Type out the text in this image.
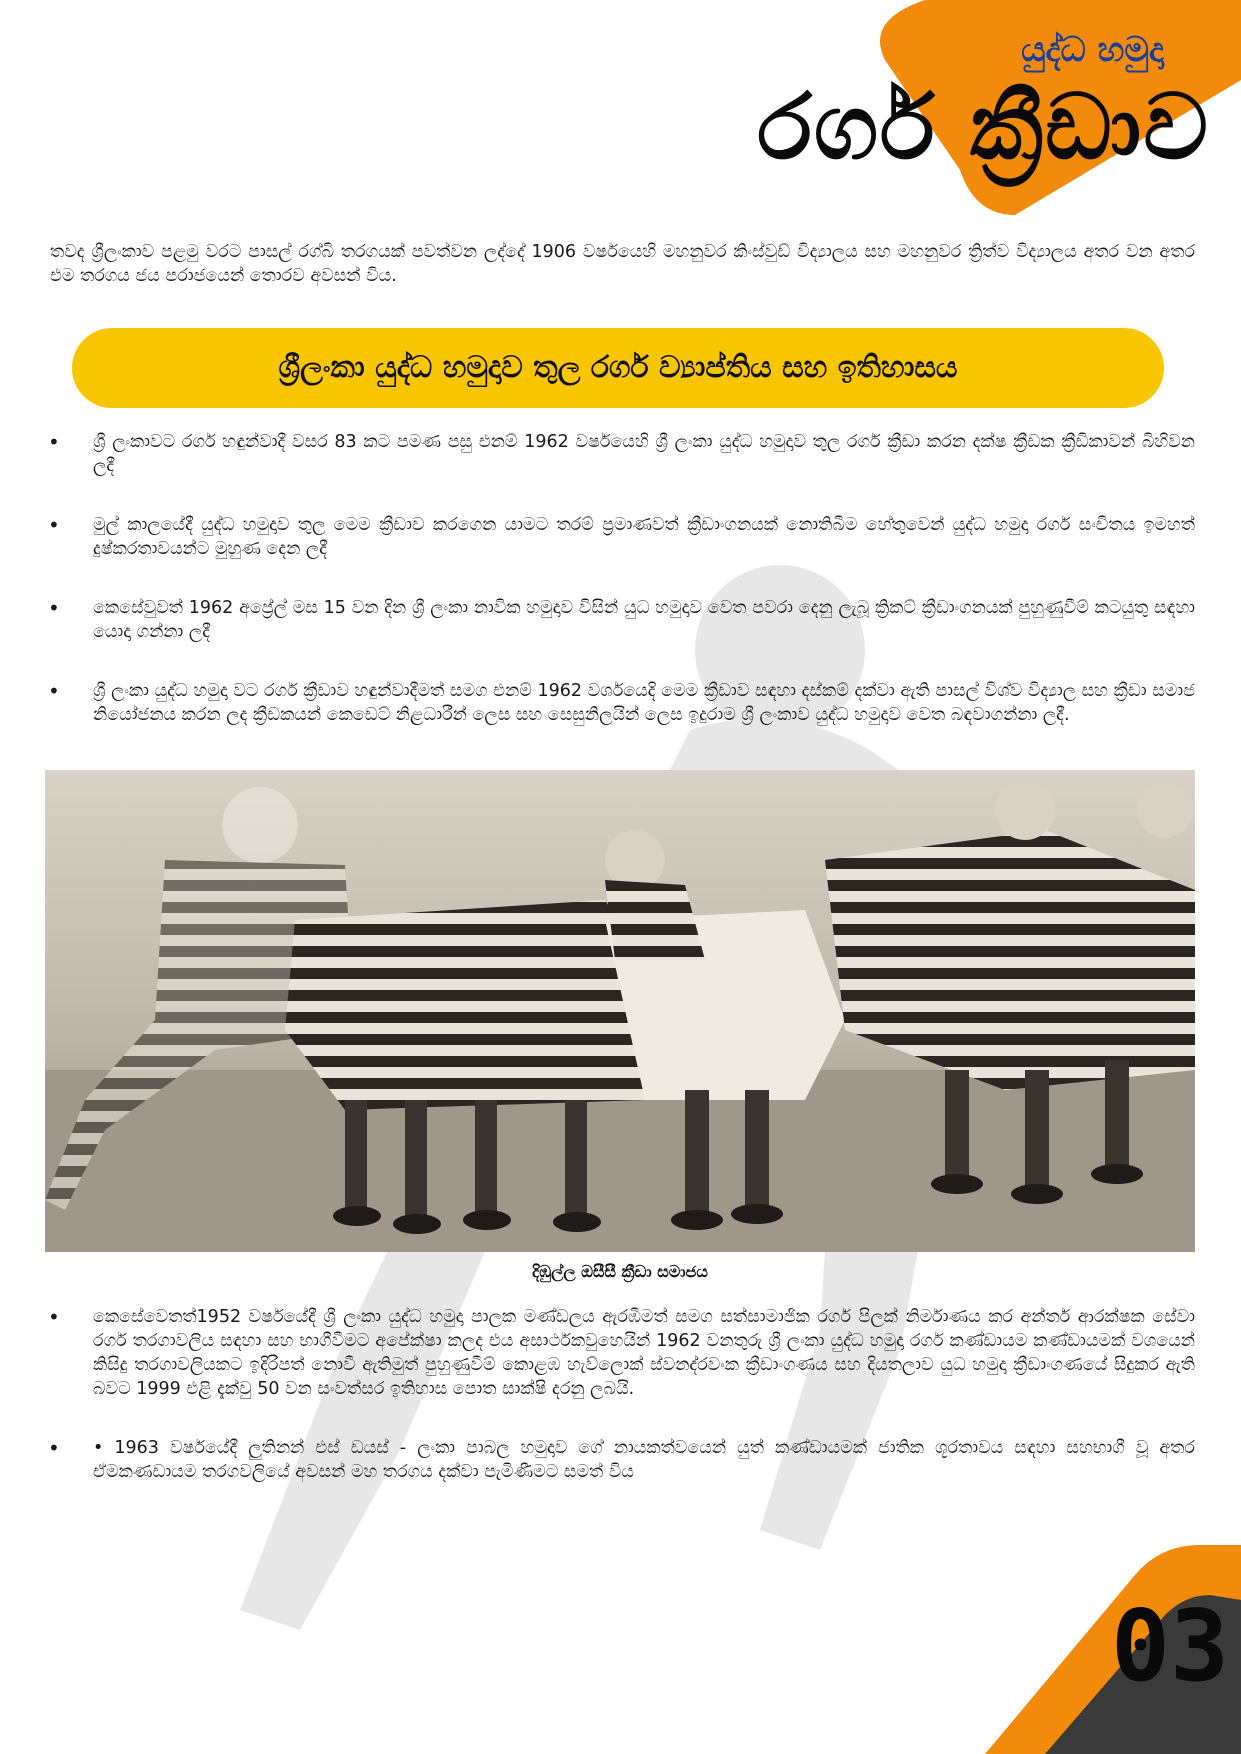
යුද්ධ හමුදා
රගර් ක්‍රීඩාව

තවද ශ්‍රීලංකාව පළමු වරට පාසල් රග්බි තරගයක් පවත්වන ලද්දේ 1906 වර්ෂයෙහි මහනුවර කිංස්වුඩ් විද්‍යාලය සහ මහනුවර ත්‍රිත්ව විද්‍යාලය අතර වන අතර එම තරගය ජය පරාජයෙන් තොරව අවසන් විය.

ශ්‍රීලංකා යුද්ධ හමුදාව තුල රගර් ව්‍යාප්තිය සහ ඉතිහාසය
• ශ්‍රී ලංකාවට රගර් හඳුන්වාදී වසර 83 කට පමණ පසු එනම් 1962 වර්ෂයෙහි ශ්‍රී ලංකා යුද්ධ හමුදාව තුල රගර් ක්‍රීඩා කරන දක්ෂ ක්‍රීඩක ක්‍රීඩිකාවන් බිහිවන ලදී
• මුල් කාලයේදී යුද්ධ හමුදාව තුල මෙම ක්‍රීඩාව කරගෙන යාමට තරම් ප්‍රමාණවත් ක්‍රීඩාංගනයක් නොතිබීම හේතුවෙන් යුද්ධ හමුදා රගර් සංචිතය ඉමහත් දුෂ්කරතාවයන්ට මුහුණ දෙන ලදී
• කෙසේවුවත් 1962 අප්‍රේල් මස 15 වන දින ශ්‍රී ලංකා නාවික හමුදාව විසින් යුධ හමුදාව වෙත පවරා දෙනු ලැබූ ක්‍රිකට් ක්‍රීඩාංගනයක් පුහුණුවීම් කටයුතු සඳහා යොදා ගන්නා ලදී
• ශ්‍රී ලංකා යුද්ධ හමුදා වට රගර් ක්‍රීඩාව හඳුන්වාදීමත් සමග එනම් 1962 වර්ශයෙදි මෙම ක්‍රීඩාව සඳහා දස්කම් දක්වා ඇති පාසල් විශ්ව විද්‍යාල සහ ක්‍රීඩා සමාජ නියෝජනය කරන ලද ක්‍රීඩකයන් කෙඩෙට් නිළධාරීන් ලෙස සහ සෙසුනිලයින් ලෙස ඉදුරාම ශ්‍රී ලංකාව යුද්ධ හමුදාව වෙත බඳවාගන්නා ලදී.
දිඹුල්ල ඔසීසී ක්‍රීඩා සමාජය
• කෙසේවෙතත්1952 වර්ෂයේදී ශ්‍රී ලංකා යුද්ධ හමුදා පාලක මණ්ඩලය ඇරඹීමත් සමග සත්සාමාජික රගර් පිලක් නිර්මාණය කර අන්තර් ආරක්ෂක සේවා රගර් තරගාවලිය සඳහා සහ භාගීවීමට අපේක්ෂා කලද එය අසාර්ථකවුහෙයින් 1962 වනතුරු ශ්‍රී ලංකා යුද්ධ හමුදා රගර් කණ්ඩායම කණ්ඩායමක් වශයෙන් කිසිදු තරගාවලියකට ඉදිරිපත් නොවී ඇතිමුත් පුහුණුවීම් කොළඹ හැව්ලොක් ස්වනද්රවංක ක්‍රීඩාංගණය සහ දියතලාව යුධ හමුදා ක්‍රීඩාංගණයේ සිදුකර ඇති බවට 1999 එළි දැක්වු 50 වන සංවත්සර ඉතිහාස පොත සාක්ෂි දරනු ලබයි.
• • 1963 වර්ෂයේදී ලුතිනන් එස් ඩයස් - ලංකා පාබල හමුදාව ගේ නායකත්වයෙන් යුත් කණ්ඩායමක් ජාතික ශූරතාවය සඳහා සහභාගී වූ අතර ඒමකණඩායම තරගවලියේ අවසන් මහ තරගය දක්වා පැමිණීමට සමත් විය
03
